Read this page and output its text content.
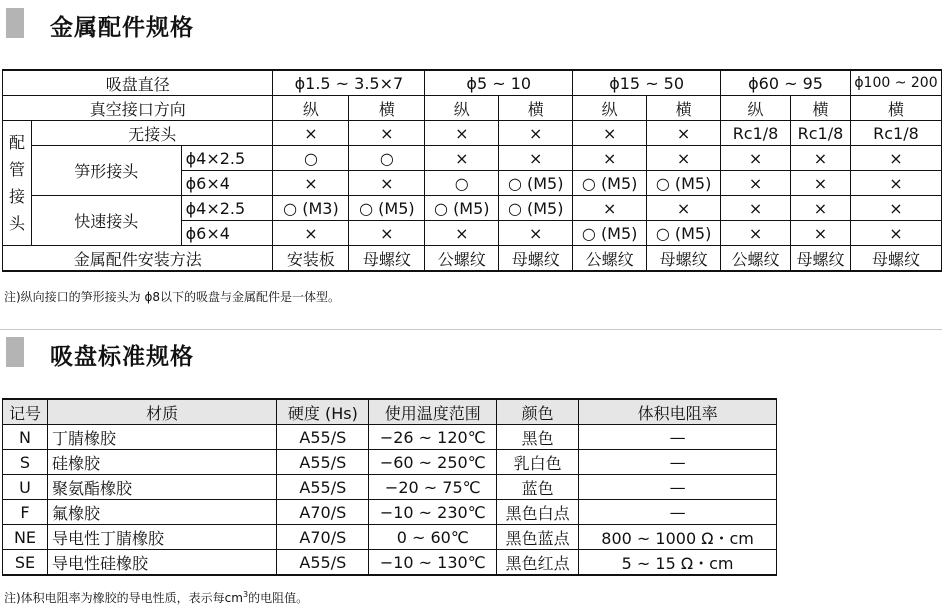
金属配件规格
吸盘直径			ϕ1.5 ~ 3.5×7		ϕ5 ~ 10		ϕ15 ~ 50		ϕ60 ~ 95		ϕ100 ~ 200
真空接口方向			纵	横	纵	横	纵	横	纵	横	横

配
管
接
头	无接头		×	×	×	×	×	×	Rc1/8	Rc1/8	Rc1/8
	笋形接头	ϕ4×2.5	○	○	×	×	×	×	×	×	×
		ϕ6×4	×	×	○	○ (M5)	○ (M5)	○ (M5)	×	×	×
	快速接头	ϕ4×2.5	○ (M3)	○ (M5)	○ (M5)	○ (M5)	×	×	×	×	×
		ϕ6×4	×	×	×	×	○ (M5)	○ (M5)	×	×	×
金属配件安装方法			安装板	母螺纹	公螺纹	母螺纹	公螺纹	母螺纹	公螺纹	母螺纹	母螺纹
注)纵向接口的笋形接头为 ϕ8以下的吸盘与金属配件是一体型。
吸盘标准规格
记号	材质	硬度 (Hs)	使用温度范围	颜色	体积电阻率
N	丁腈橡胶	A55/S	−26 ~ 120℃	黑色	—
S	硅橡胶	A55/S	−60 ~ 250℃	乳白色	—
U	聚氨酯橡胶	A55/S	−20 ~ 75℃	蓝色	—
F	氟橡胶	A70/S	−10 ~ 230℃	黑色白点	—
NE	导电性丁腈橡胶	A70/S	0 ~ 60℃	黑色蓝点	800 ~ 1000 Ω・cm
SE	导电性硅橡胶	A55/S	−10 ~ 130℃	黑色红点	5 ~ 15 Ω・cm
注)体积电阻率为橡胶的导电性质，表示每$cm^3$的电阻值。
